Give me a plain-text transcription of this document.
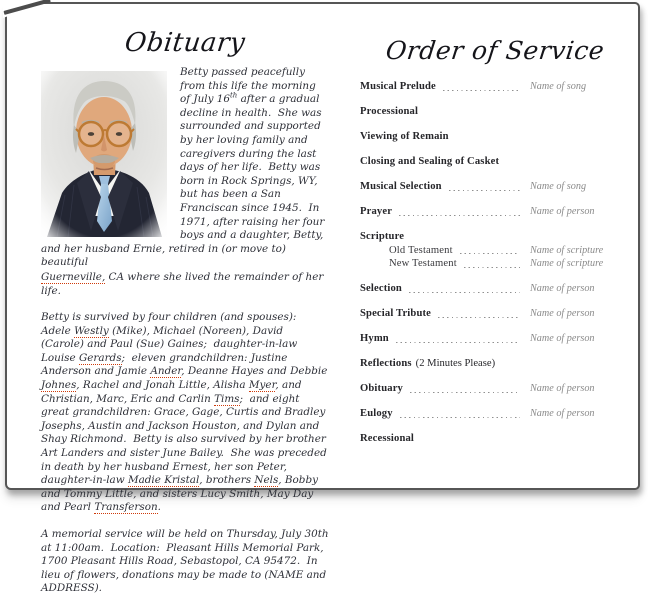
Obituary

Betty passed peacefully from this life the morning of July 16th after a gradual decline in health.  She was surrounded and supported by her loving family and caregivers during the last days of her life.  Betty was born in Rock Springs, WY, but has been a San Franciscan since 1945.  In 1971, after raising her four boys and a daughter, Betty, and her husband Ernie, retired in (or move to) beautiful

Guerneville, CA where she lived the remainder of her life.

Betty is survived by four children (and spouses): Adele Westly (Mike), Michael (Noreen), David (Carole) and Paul (Sue) Gaines;  daughter-in-law Louise Gerards;  eleven grandchildren: Justine Anderson and Jamie Ander, Deanne Hayes and Debbie Johnes, Rachel and Jonah Little, Alisha Myer, and Christian, Marc, Eric and Carlin Tims;  and eight great grandchildren: Grace, Gage, Curtis and Bradley Josephs, Austin and Jackson Houston, and Dylan and Shay Richmond.  Betty is also survived by her brother Art Landers and sister June Bailey.  She was preceded in death by her husband Ernest, her son Peter, daughter-in-law Madie Kristal, brothers Nels, Bobby and Tommy Little, and sisters Lucy Smith, May Day and Pearl Transferson.

A memorial service will be held on Thursday, July 30th at 11:00am.  Location:  Pleasant Hills Memorial Park, 1700 Pleasant Hills Road, Sebastopol, CA 95472.  In lieu of flowers, donations may be made to (NAME and ADDRESS).

Order of Service
Musical Prelude	Name of song
Processional
Viewing of Remain
Closing and Sealing of Casket
Musical Selection	Name of song
Prayer	Name of person
Scripture
Old Testament	Name of scripture
New Testament	Name of scripture
Selection	Name of person
Special Tribute	Name of person
Hymn	Name of person
Reflections (2 Minutes Please)
Obituary	Name of person
Eulogy	Name of person
Recessional
